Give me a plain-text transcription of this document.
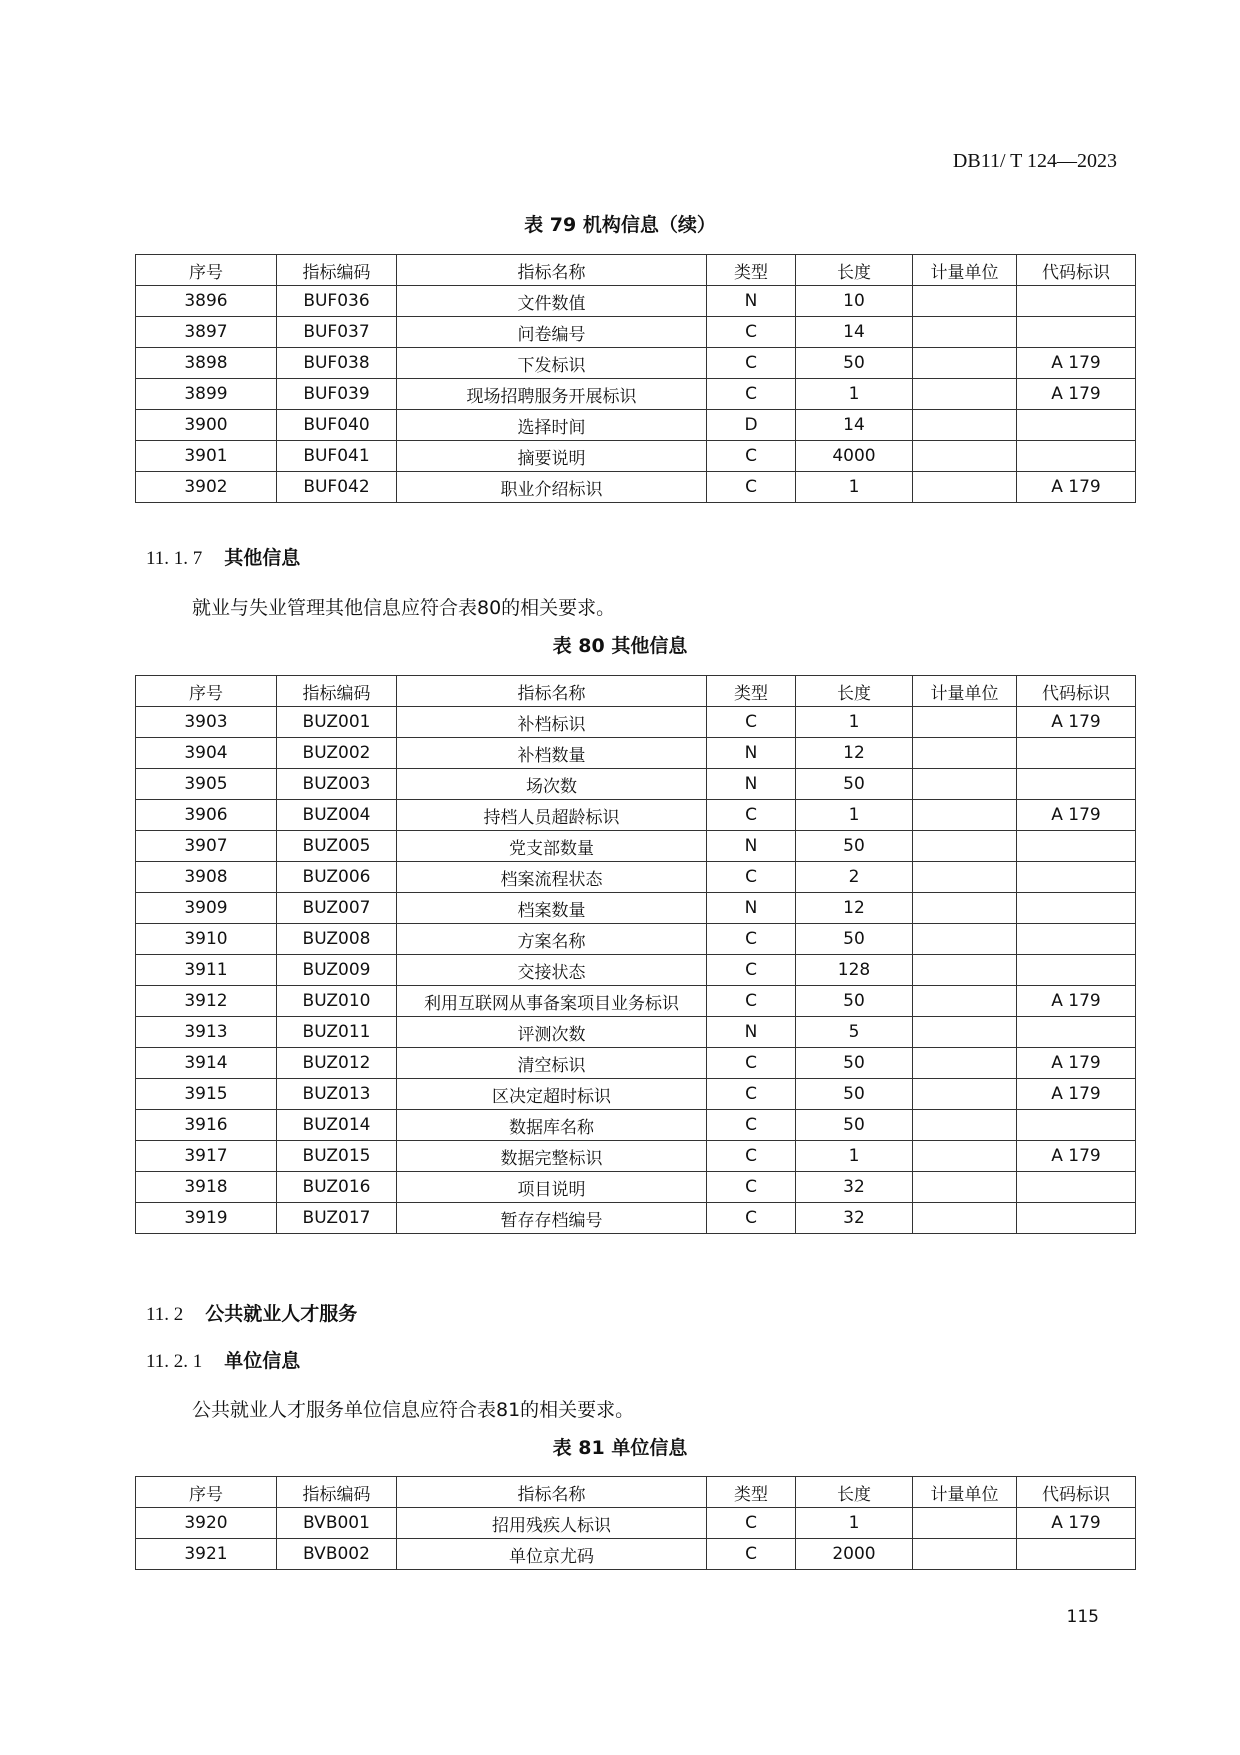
DB11/ T 124—2023
表 79 机构信息（续）
序号	指标编码	指标名称	类型	长度	计量单位	代码标识
3896	BUF036	文件数值	N	10		
3897	BUF037	问卷编号	C	14		
3898	BUF038	下发标识	C	50		A 179
3899	BUF039	现场招聘服务开展标识	C	1		A 179
3900	BUF040	选择时间	D	14		
3901	BUF041	摘要说明	C	4000		
3902	BUF042	职业介绍标识	C	1		A 179
11. 1. 7 其他信息
就业与失业管理其他信息应符合表80的相关要求。
表 80 其他信息
序号	指标编码	指标名称	类型	长度	计量单位	代码标识
3903	BUZ001	补档标识	C	1		A 179
3904	BUZ002	补档数量	N	12		
3905	BUZ003	场次数	N	50		
3906	BUZ004	持档人员超龄标识	C	1		A 179
3907	BUZ005	党支部数量	N	50		
3908	BUZ006	档案流程状态	C	2		
3909	BUZ007	档案数量	N	12		
3910	BUZ008	方案名称	C	50		
3911	BUZ009	交接状态	C	128		
3912	BUZ010	利用互联网从事备案项目业务标识	C	50		A 179
3913	BUZ011	评测次数	N	5		
3914	BUZ012	清空标识	C	50		A 179
3915	BUZ013	区决定超时标识	C	50		A 179
3916	BUZ014	数据库名称	C	50		
3917	BUZ015	数据完整标识	C	1		A 179
3918	BUZ016	项目说明	C	32		
3919	BUZ017	暂存存档编号	C	32		
11. 2 公共就业人才服务
11. 2. 1 单位信息
公共就业人才服务单位信息应符合表81的相关要求。
表 81 单位信息
序号	指标编码	指标名称	类型	长度	计量单位	代码标识
3920	BVB001	招用残疾人标识	C	1		A 179
3921	BVB002	单位京尤码	C	2000		
115
